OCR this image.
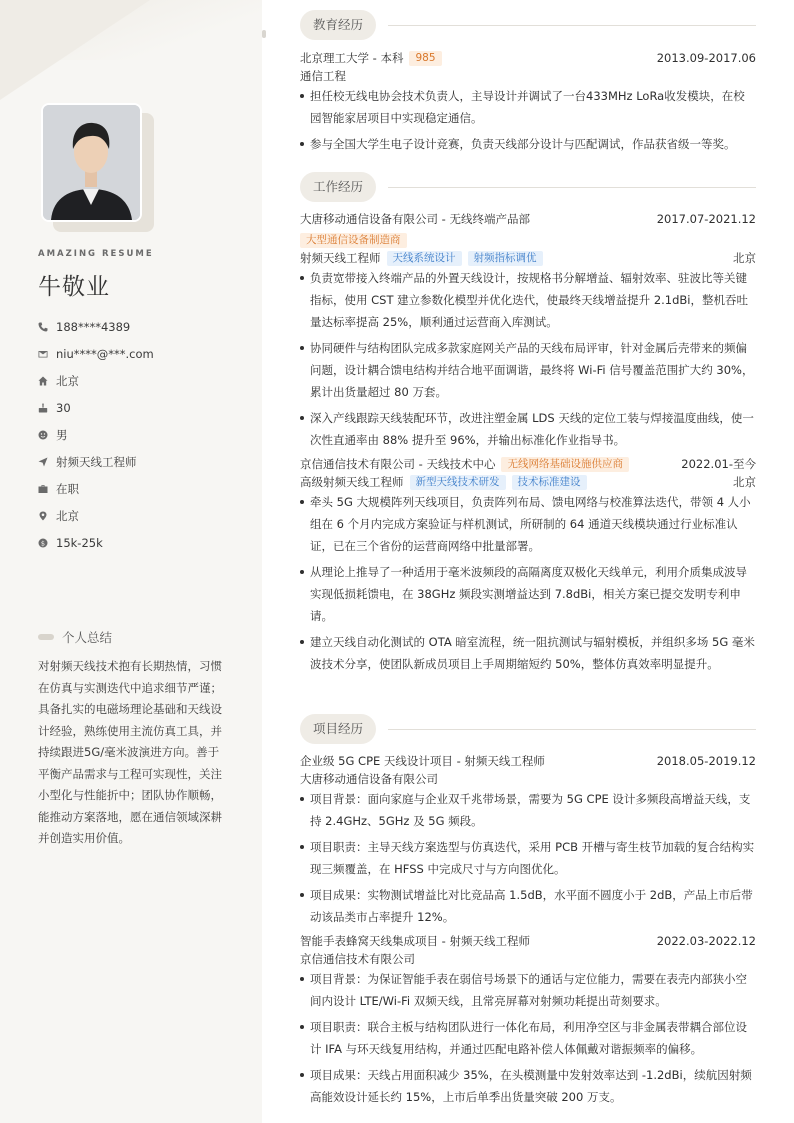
AMAZING RESUME
牛敬业
188****4389
niu****@***.com
北京
30
男
射频天线工程师
在职
北京
$ 15k-25k
个人总结
对射频天线技术抱有长期热情，习惯在仿真与实测迭代中追求细节严谨；具备扎实的电磁场理论基础和天线设计经验，熟练使用主流仿真工具，并持续跟进5G/毫米波演进方向。善于平衡产品需求与工程可实现性，关注小型化与性能折中；团队协作顺畅，能推动方案落地，愿在通信领域深耕并创造实用价值。
教育经历
北京理工大学 - 本科	985	2013.09-2017.06
通信工程
担任校无线电协会技术负责人，主导设计并调试了一台433MHz LoRa收发模块，在校园智能家居项目中实现稳定通信。
参与全国大学生电子设计竞赛，负责天线部分设计与匹配调试，作品获省级一等奖。
工作经历
大唐移动通信设备有限公司 - 无线终端产品部	2017.07-2021.12
大型通信设备制造商
射频天线工程师	天线系统设计	射频指标调优	北京
负责宽带接入终端产品的外置天线设计，按规格书分解增益、辐射效率、驻波比等关键指标，使用 CST 建立参数化模型并优化迭代，使最终天线增益提升 2.1dBi，整机吞吐量达标率提高 25%，顺利通过运营商入库测试。
协同硬件与结构团队完成多款家庭网关产品的天线布局评审，针对金属后壳带来的频偏问题，设计耦合馈电结构并结合地平面调谐，最终将 Wi-Fi 信号覆盖范围扩大约 30%，累计出货量超过 80 万套。
深入产线跟踪天线装配环节，改进注塑金属 LDS 天线的定位工装与焊接温度曲线，使一次性直通率由 88% 提升至 96%，并输出标准化作业指导书。
京信通信技术有限公司 - 天线技术中心	无线网络基础设施供应商	2022.01-至今
高级射频天线工程师	新型天线技术研发	技术标准建设	北京
牵头 5G 大规模阵列天线项目，负责阵列布局、馈电网络与校准算法迭代，带领 4 人小组在 6 个月内完成方案验证与样机测试，所研制的 64 通道天线模块通过行业标准认证，已在三个省份的运营商网络中批量部署。
从理论上推导了一种适用于毫米波频段的高隔离度双极化天线单元，利用介质集成波导实现低损耗馈电，在 38GHz 频段实测增益达到 7.8dBi，相关方案已提交发明专利申请。
建立天线自动化测试的 OTA 暗室流程，统一阻抗测试与辐射模板，并组织多场 5G 毫米波技术分享，使团队新成员项目上手周期缩短约 50%，整体仿真效率明显提升。
项目经历
企业级 5G CPE 天线设计项目 - 射频天线工程师	2018.05-2019.12
大唐移动通信设备有限公司
项目背景：面向家庭与企业双千兆带场景，需要为 5G CPE 设计多频段高增益天线，支持 2.4GHz、5GHz 及 5G 频段。
项目职责：主导天线方案选型与仿真迭代，采用 PCB 开槽与寄生枝节加载的复合结构实现三频覆盖，在 HFSS 中完成尺寸与方向图优化。
项目成果：实物测试增益比对比竞品高 1.5dB，水平面不圆度小于 2dB，产品上市后带动该品类市占率提升 12%。
智能手表蜂窝天线集成项目 - 射频天线工程师	2022.03-2022.12
京信通信技术有限公司
项目背景：为保证智能手表在弱信号场景下的通话与定位能力，需要在表壳内部狭小空间内设计 LTE/Wi-Fi 双频天线，且常亮屏幕对射频功耗提出苛刻要求。
项目职责：联合主板与结构团队进行一体化布局，利用净空区与非金属表带耦合部位设计 IFA 与环天线复用结构，并通过匹配电路补偿人体佩戴对谐振频率的偏移。
项目成果：天线占用面积减少 35%，在头模测量中发射效率达到 -1.2dBi，续航因射频高能效设计延长约 15%，上市后单季出货量突破 200 万支。
